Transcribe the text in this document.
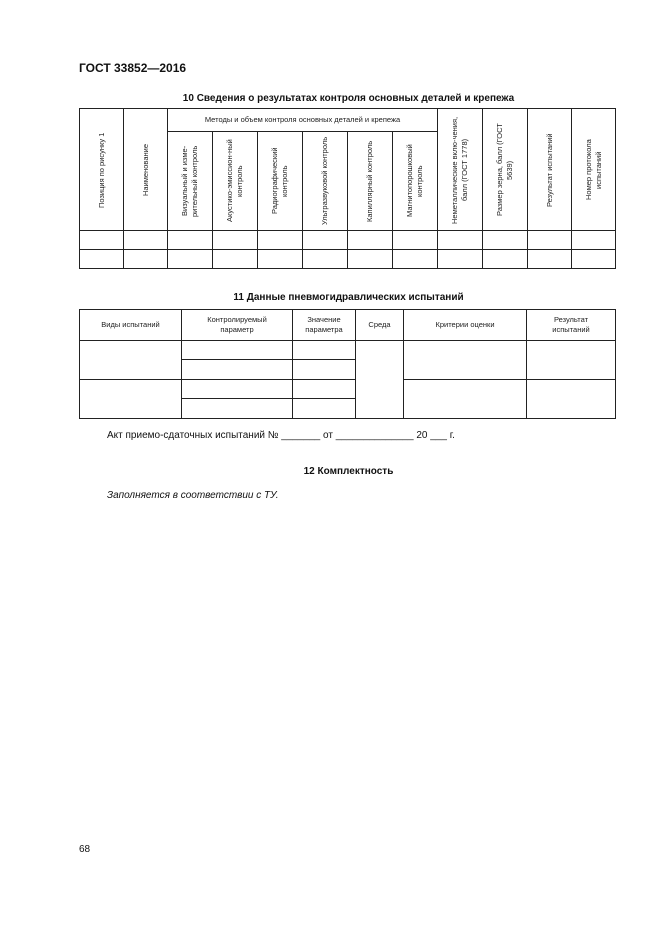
ГОСТ 33852—2016
10 Сведения о результатах контроля основных деталей и крепежа
Позиция по рисунку 1	Наименование	Методы и объем контроля основных деталей и крепежа						Неметаллические вклю-чения, балл (ГОСТ 1778)	Размер зерна, балл (ГОСТ 5639)	Результат испытаний	Номер протокола испытаний

		Визуальный и изме-рительный контроль	Акустико-эмиссион-ный контроль	Радиографический контроль	Ультразвуковой контроль	Капиллярный контроль	Магнитопорошковый контроль				

11 Данные пневмогидравлических испытаний
Виды испытаний	Контролируемый параметр	Значение параметра	Среда	Критерии оценки	Результат испытаний

Акт приемо-сдаточных испытаний № _______ от ______________ 20 ___ г.
12 Комплектность
Заполняется в соответствии с ТУ.
68
